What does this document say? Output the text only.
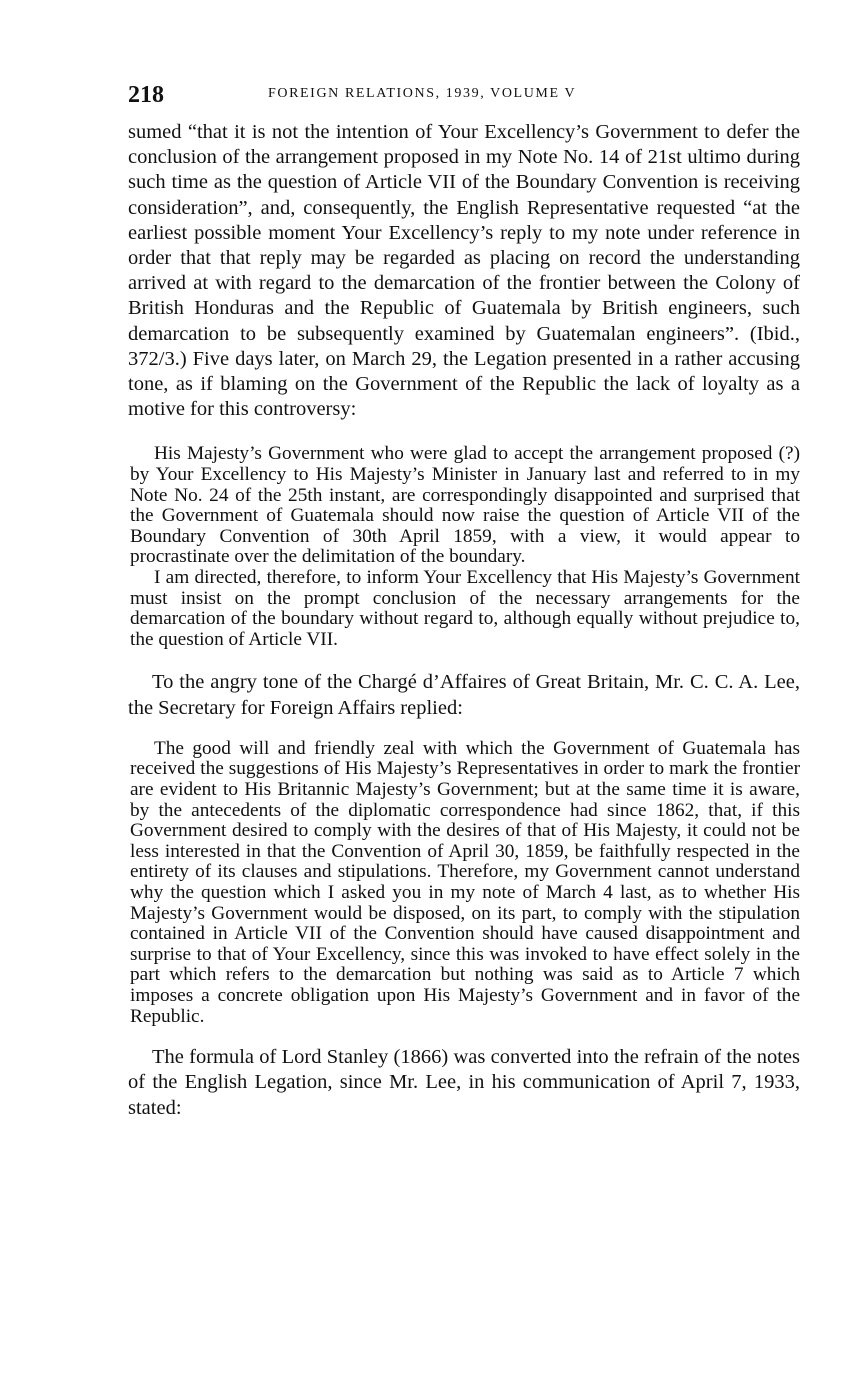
218	FOREIGN RELATIONS, 1939, VOLUME V

sumed “that it is not the intention of Your Excellency’s Government to defer the conclusion of the arrangement proposed in my Note No. 14 of 21st ultimo during such time as the question of Article VII of the Boundary Convention is receiving consideration”, and, consequently, the English Representative requested “at the earliest possible moment Your Excellency’s reply to my note under reference in order that that reply may be regarded as placing on record the understanding arrived at with regard to the demarcation of the frontier between the Colony of British Honduras and the Republic of Guatemala by British engineers, such demarcation to be subsequently examined by Guatemalan engineers”. (Ibid., 372/3.) Five days later, on March 29, the Legation presented in a rather accusing tone, as if blaming on the Government of the Republic the lack of loyalty as a motive for this controversy:

His Majesty’s Government who were glad to accept the arrangement proposed (?) by Your Excellency to His Majesty’s Minister in January last and referred to in my Note No. 24 of the 25th instant, are correspondingly disappointed and surprised that the Government of Guatemala should now raise the question of Article VII of the Boundary Convention of 30th April 1859, with a view, it would appear to procrastinate over the delimitation of the boundary.

I am directed, therefore, to inform Your Excellency that His Majesty’s Government must insist on the prompt conclusion of the necessary arrangements for the demarcation of the boundary without regard to, although equally without prejudice to, the question of Article VII.

To the angry tone of the Chargé d’Affaires of Great Britain, Mr. C. C. A. Lee, the Secretary for Foreign Affairs replied:

The good will and friendly zeal with which the Government of Guatemala has received the suggestions of His Majesty’s Representatives in order to mark the frontier are evident to His Britannic Majesty’s Government; but at the same time it is aware, by the antecedents of the diplomatic correspondence had since 1862, that, if this Government desired to comply with the desires of that of His Majesty, it could not be less interested in that the Convention of April 30, 1859, be faithfully respected in the entirety of its clauses and stipulations. Therefore, my Government cannot understand why the question which I asked you in my note of March 4 last, as to whether His Majesty’s Government would be disposed, on its part, to comply with the stipulation contained in Article VII of the Convention should have caused disappointment and surprise to that of Your Excellency, since this was invoked to have effect solely in the part which refers to the demarcation but nothing was said as to Article 7 which imposes a concrete obligation upon His Majesty’s Government and in favor of the Republic.

The formula of Lord Stanley (1866) was converted into the refrain of the notes of the English Legation, since Mr. Lee, in his communication of April 7, 1933, stated:
